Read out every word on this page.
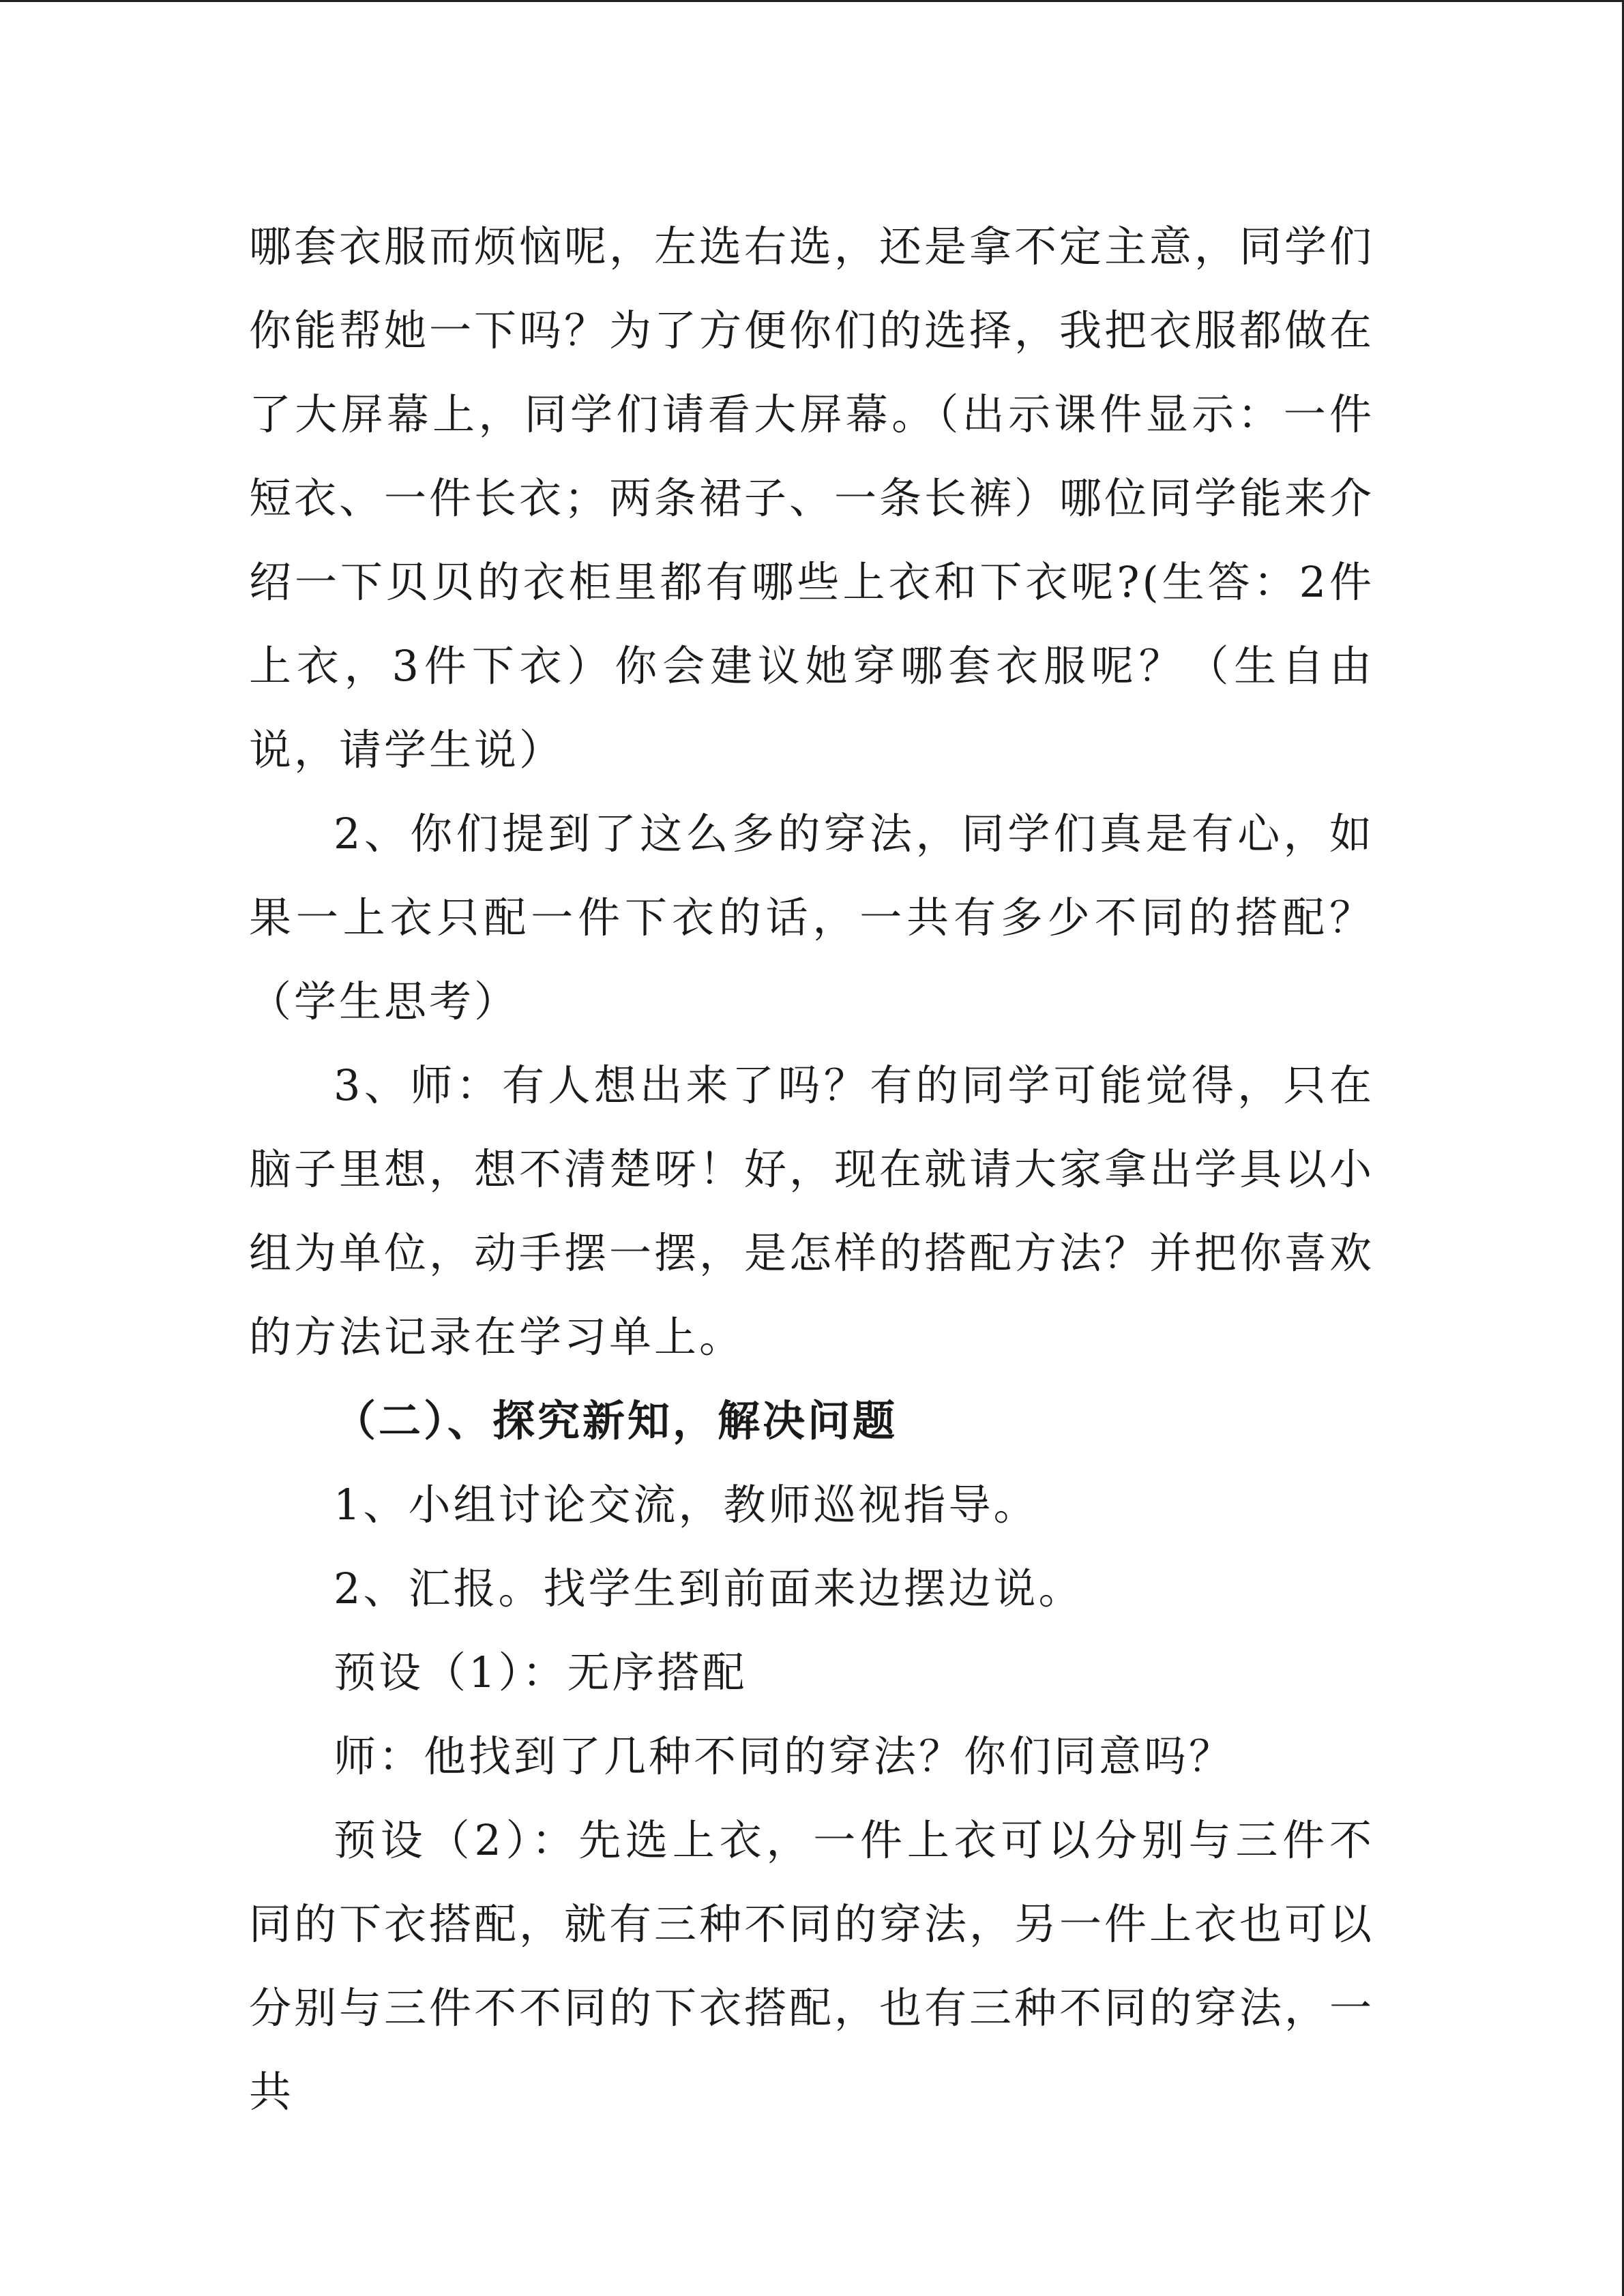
哪套衣服而烦恼呢，左选右选，还是拿不定主意，同学们你能帮她一下吗？为了方便你们的选择，我把衣服都做在了大屏幕上，同学们请看大屏幕。（出示课件显示：一件短衣、一件长衣；两条裙子、一条长裤）哪位同学能来介绍一下贝贝的衣柜里都有哪些上衣和下衣呢?(生答：2件上衣，3件下衣）你会建议她穿哪套衣服呢？（生自由说，请学生说）

2、你们提到了这么多的穿法，同学们真是有心，如果一上衣只配一件下衣的话，一共有多少不同的搭配？（学生思考）

3、师：有人想出来了吗？有的同学可能觉得，只在脑子里想，想不清楚呀！好，现在就请大家拿出学具以小组为单位，动手摆一摆，是怎样的搭配方法？并把你喜欢的方法记录在学习单上。

（二）、探究新知，解决问题

1、小组讨论交流，教师巡视指导。

2、汇报。找学生到前面来边摆边说。

预设（1）：无序搭配

师：他找到了几种不同的穿法？你们同意吗？

预设（2）：先选上衣，一件上衣可以分别与三件不同的下衣搭配，就有三种不同的穿法，另一件上衣也可以分别与三件不不同的下衣搭配，也有三种不同的穿法，一共
